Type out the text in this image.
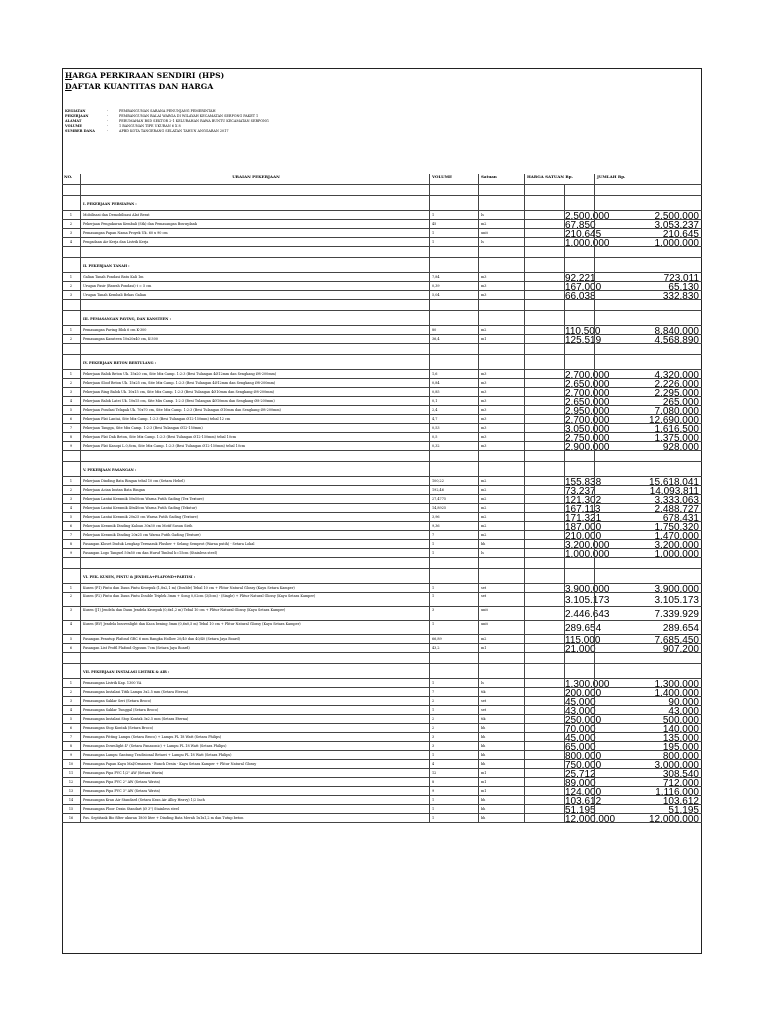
HARGA PERKIRAAN SENDIRI (HPS)
DAFTAR KUANTITAS DAN HARGA
KEGIATAN	-	PEMBANGUNAN SARANA PENUNJANG PEMERINTAH
PEKERJAAN	-	PEMBANGUNAN BALAI WARGA DI WILAYAH KECAMATAN SERPONG PAKET 1
ALAMAT	-	PERUMAHAN BSD SEKTOR 2-1 KELURAHAN RAWA BUNTU KECAMATAN SERPONG
VOLUME	-	1 BANGUNAN TIPE UKURAN 6 X 8
SUMBER DANA	-	APBD KOTA TANGERANG SELATAN TAHUN ANGGARAN 2017
NO.	URAIAN PEKERJAAN	VOLUME	Satuan	HARGA SATUAN Rp.	JUMLAH Rp.
I. PEKERJAAN PERSIAPAN :
1	Mobilisasi dan Demobilisasi Alat Berat	1	ls	2.500.000	2.500.000
2	Pekerjaan Pengukuran Kembali (Stk) dan Pemasangan Bouwplank	45	m2	67.850	3.053.237
3	Pemasangan Papan Nama Proyek Uk. 60 x 90 cm	1	unit	210.645	210.645
4	Pengadaan Air Kerja dan Listrik Kerja	1	ls	1.000.000	1.000.000
II. PEKERJAAN TANAH :
1	Galian Tanah Pondasi Batu Kali 1m	7,84	m3	92.221	723.011
2	Urugan Pasir (Bawah Pondasi) t = 5 cm	0,39	m3	167.000	65.130
3	Urugan Tanah Kembali Bekas Galian	5,04	m3	66.038	332.830
III. PEMASANGAN PAVING, DAN KANSTEEN :
1	Pemasangan Paving Blok 6 cm K-300	80	m2	110.500	8.840.000
2	Pemasangan Kansteen 10x20x40 cm, K-300	36,4	m1	125.519	4.568.890
IV. PEKERJAAN BETON BERTULANG :
1	Pekerjaan Balok Beton Uk. 15x20 cm, Site Mix Camp. 1:2:3 (Besi Tulangan 4Ø12mm dan Sengkang Ø8-200mm)	1,6	m3	2.700.000	4.320.000
2	Pekerjaan Sloof Beton Uk. 15x25 cm, Site Mix Camp. 1:2:3 (Besi Tulangan 4Ø12mm dan Sengkang Ø8-200mm)	0,84	m3	2.650.000	2.226.000
3	Pekerjaan Ring Balok Uk. 10x15 cm, Site Mix Camp. 1:2:3 (Besi Tulangan 4Ø10mm dan Sengkang Ø8-200mm)	0,85	m3	2.700.000	2.295.000
4	Pekerjaan Balok Latei Uk. 10x15 cm, Site Mix Camp. 1:2:3 (Besi Tulangan 4Ø10mm dan Sengkang Ø8-200mm)	0,1	m3	2.650.000	265.000
5	Pekerjaan Pondasi Telapak Uk. 70x70 cm, Site Mix Camp. 1:2:3 (Besi Tulangan Ø10mm dan Sengkang Ø8-200mm)	2,4	m3	2.950.000	7.080.000
6	Pekerjaan Plat Lantai, Site Mix Camp. 1:2:3 (Besi Tulangan Ø12-150mm) tebal 12 cm	4,7	m3	2.700.000	12.690.000
7	Pekerjaan Tangga, Site Mix Camp. 1:2:3 (Besi Tulangan Ø12-150mm)	0,53	m3	3.050.000	1.616.500
8	Pekerjaan Plat Dak Beton, Site Mix Camp. 1:2:3 (Besi Tulangan Ø12-150mm) tebal 10cm	0,5	m3	2.750.000	1.375.000
9	Pekerjaan Plat Kanopi L.0,8cm, Site Mix Camp. 1:2:3 (Besi Tulangan Ø12-150mm) tebal 10cm	0,32	m3	2.900.000	928.000
V. PEKERJAAN PASANGAN :
1	Pekerjaan Dinding Bata Ringan tebal 10 cm (Setara Hebel)	100,22	m2	155.838	15.618.041
2	Pekerjaan Acian Instan Bata Ringan	192,46	m2	73.237	14.093.811
3	Pekerjaan Lantai Keramik 50x50cm Warna Putih Gading (Tex Texture)	27,4775	m2	121.302	3.333.063
4	Pekerjaan Lantai Keramik 40x40cm Warna Putih Gading (Tekstur)	14,8925	m2	167.113	2.488.727
5	Pekerjaan Lantai Keramik 20x25 cm Warna Putih Gading (Texture)	3,96	m2	171.321	678.431
6	Pekerjaan Keramik Dinding Kaloan 30x30 cm Motif Susun Sirih	9,36	m2	187.000	1.750.320
7	Pekerjaan Keramik Dinding 20x25 cm Warna Putih Gading (Texture)	7	m2	210.000	1.470.000
8	Pasangan Kloset Duduk Lengkap Termasuk Flusher + Selang Semprot (Warna putih) - Setara Lokal	1	bh	3.200.000	3.200.000
9	Pasangan Logo Tangsel 50x50 cm dan Huruf Timbul h=15cm (Stainless steel)	1	ls	1.000.000	1.000.000
VI. PEK. KUSEN, PINTU & JENDELA+PLAFOND+PARTISI :
1	Kusen (P1) Pintu dan Daun Pintu Kroepuk (1,8x2,1 m) (Double) Tebal 10 cm + Plitur Natural Glossy (Kayu Setara Kamper)	1	set	3.900.000	3.900.000
2	Kusen (P2) Pintu dan Daun Pintu Double Triplek 3mm + Song 0,02cm (3/5cm) - (Single) + Plitur Natural Glossy (Kayu Setara Kamper)	1	set	3.105.173	3.105.173
3	Kusen (J1) Jendela dan Daun Jendela Kroepuk (0,6x1,2 m) Tebal 10 cm + Plitur Natural Glossy (Kayu Setara Kamper)	3	unit	2.446.643	7.339.929
4	Kusen (BV) Jendela bouvenlight dan Kaca bening 5mm (0,6x0,5 m) Tebal 10 cm + Plitur Natural Glossy (Kayu Setara Kamper)	1	unit	289.654	289.654
5	Pasangan Penutup Plafond GRC 6 mm Rangka Hollow 20/40 dan 40/40 (Setara Jaya Board)	66,89	m2	115.000	7.685.450
6	Pasangan List Profil Plafond Gypsum 7cm (Setara Jaya Board)	43,2	m1	21.000	907.200
VII. PEKERJAAN INSTALASI LISTRIK & AIR :
1	Pemasangan Listrik Kap. 1300 VA	1	ls	1.300.000	1.300.000
2	Pemasangan Instalasi Titik Lampu 3x2.5 mm (Setara Eterna)	7	tik	200.000	1.400.000
3	Pemasangan Saklar Seri (Setara Broco)	2	set	45.000	90.000
4	Pemasangan Saklar Tunggal (Setara Broco)	1	set	43.000	43.000
5	Pemasangan Instalasi Stop Kontak 3x2.5 mm (Setara Eterna)	2	tik	250.000	500.000
6	Pemasangan Stop Kontak (Setara Broco)	2	bh	70.000	140.000
7	Pemasangan Fitting Lampu (Setara Broco) + Lampu PL 18 Watt (Setara Philips)	3	bh	45.000	135.000
8	Pemasangan Downlight 4" (Setara Panasonic) + Lampu PL 18 Watt (Setara Philips)	3	bh	65.000	195.000
9	Pemasangan Lampu Gantung Tradisional Betawi + Lampu PL 18 Watt (Setara Philips)	1	bh	800.000	800.000
10	Pemasangan Papan Kayu Mal/Ornamen - Bunch Desin - Kayu Setara Kamper + Plitur Natural Glossy	4	bh	750.000	3.000.000
11	Pemasangan Pipa PVC 1/2" AW (Setara Wavin)	12	m1	25.712	308.540
12	Pemasangan Pipa PVC 2" AW (Setara Wavin)	8	m1	89.000	712.000
13	Pemasangan Pipa PVC 3" AW (Setara Wavin)	9	m1	124.000	1.116.000
14	Pemasangan Kran Air Standard (Setara Kran Air Alloy Heavy) 1/2 Inch	1	bh	103.612	103.612
15	Pemasangan Floor Drain Standart (Ø 3") Stainless steel	1	bh	51.195	51.195
16	Pas. Septitank Bio filter ukuran 1800 liter + Dinding Bata Merah 1x1x1,2 m dan Tutup beton	1	bh	12.000.000	12.000.000
